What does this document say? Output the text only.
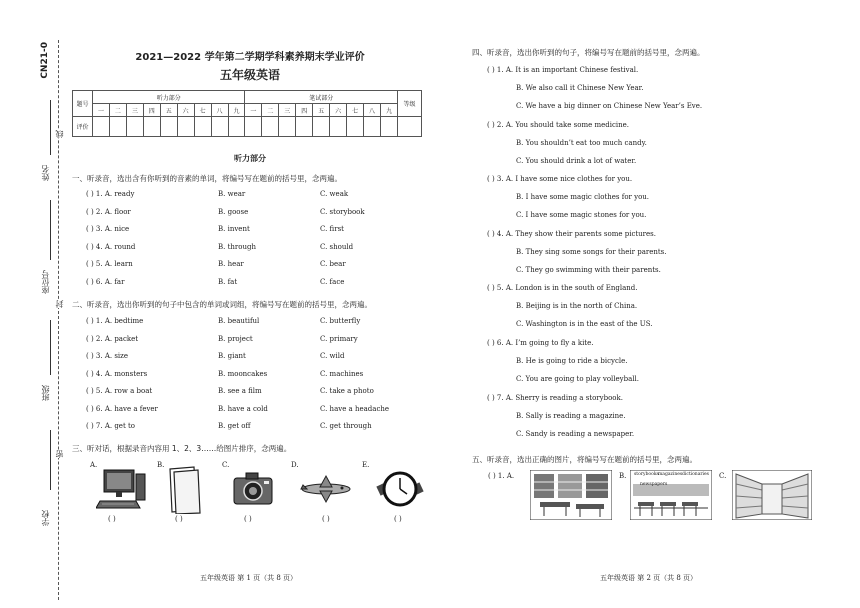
CN21-0
线
封
密
姓名
座位号
班级
学校
2021—2022 学年第二学期学科素养期末学业评价
五年级英语
题号	听力部分									笔试部分									等级
	一	二	三	四	五	六	七	八	九	一	二	三	四	五	六	七	八	九	
评价																			
听力部分
一、听录音，选出含有你听到的音素的单词，将编号写在题前的括号里，念两遍。
( ) 1. A. ready	B. wear	C. weak
( ) 2. A. floor	B. goose	C. storybook
( ) 3. A. nice	B. invent	C. first
( ) 4. A. round	B. through	C. should
( ) 5. A. learn	B. hear	C. bear
( ) 6. A. far	B. fat	C. face
二、听录音，选出你听到的句子中包含的单词或词组，将编号写在题前的括号里，念两遍。
( ) 1. A. bedtime	B. beautiful	C. butterfly
( ) 2. A. packet	B. project	C. primary
( ) 3. A. size	B. giant	C. wild
( ) 4. A. monsters	B. mooncakes	C. machines
( ) 5. A. row a boat	B. see a film	C. take a photo
( ) 6. A. have a fever	B. have a cold	C. have a headache
( ) 7. A. get to	B. get off	C. get through
三、听对话，根据录音内容用 1、2、3……给图片排序，念两遍。
A.	B.	C.	D.	E.
( )	( )	( )	( )	( )
五年级英语 第 1 页（共 8 页）
四、听录音，选出你听到的句子，将编号写在题前的括号里，念两遍。
( ) 1. A. It is an important Chinese festival.
B. We also call it Chinese New Year.
C. We have a big dinner on Chinese New Year’s Eve.
( ) 2. A. You should take some medicine.
B. You shouldn’t eat too much candy.
C. You should drink a lot of water.
( ) 3. A. I have some nice clothes for you.
B. I have some magic clothes for you.
C. I have some magic stones for you.
( ) 4. A. They show their parents some pictures.
B. They sing some songs for their parents.
C. They go swimming with their parents.
( ) 5. A. London is in the south of England.
B. Beijing is in the north of China.
C. Washington is in the east of the US.
( ) 6. A. I’m going to fly a kite.
B. He is going to ride a bicycle.
C. You are going to play volleyball.
( ) 7. A. Sherry is reading a storybook.
B. Sally is reading a magazine.
C. Sandy is reading a newspaper.
五、听录音，选出正确的图片，将编号写在题前的括号里，念两遍。
( ) 1. A.	B. storybooks magazines dictionaries
newspapers
C.
五年级英语 第 2 页（共 8 页）
